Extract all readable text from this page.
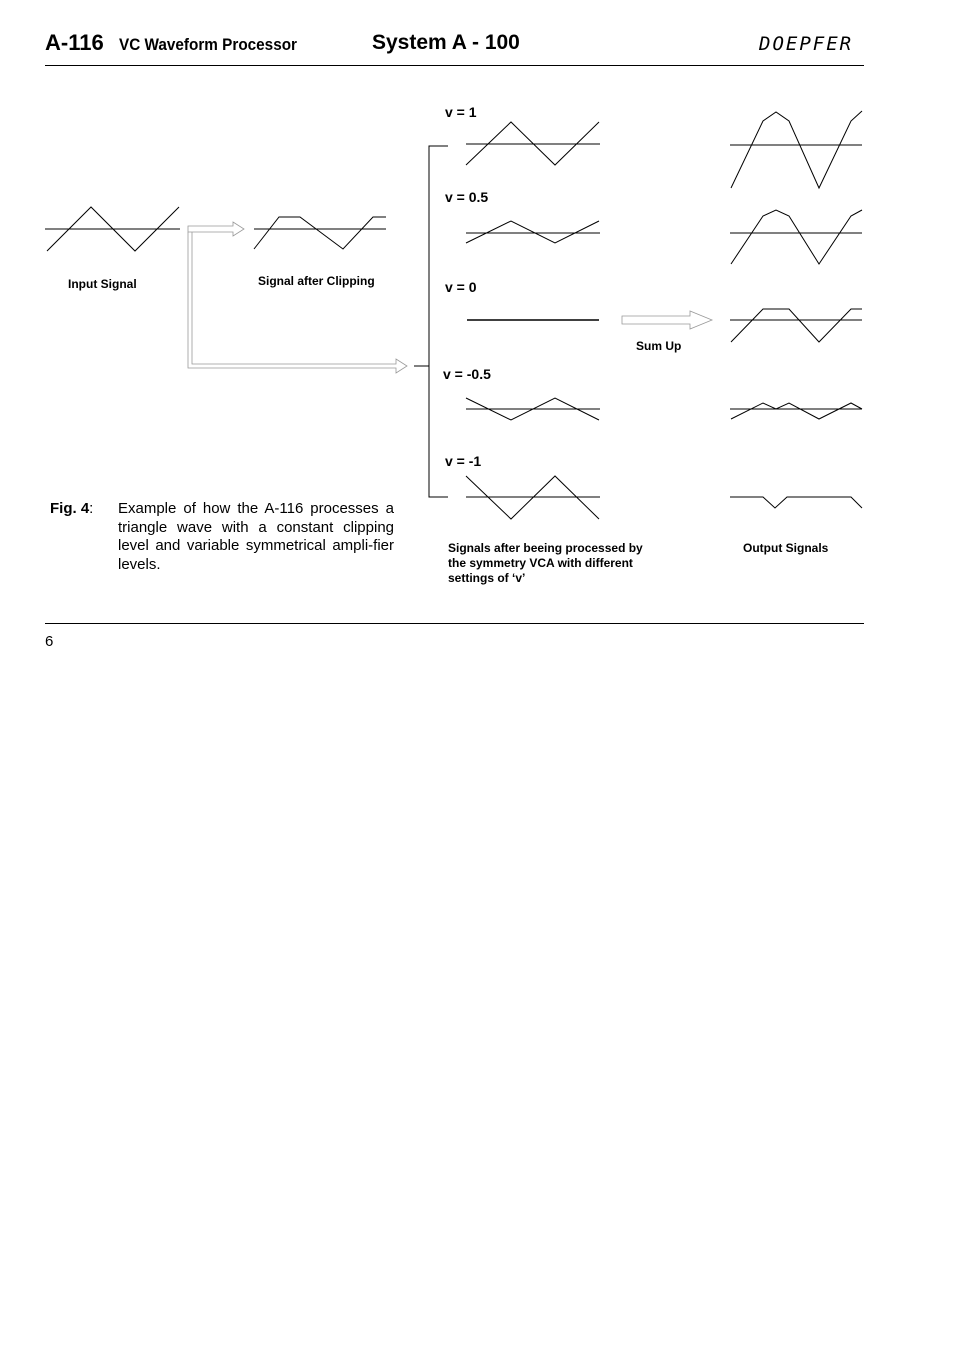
A-116 VC Waveform Processor	System A - 100	DOEPFER
Input Signal	Signal after Clipping
Sum Up
Output Signals
v = 1
v = 0.5
v = 0
v = -0.5
v = -1
Signals after beeing processed by the symmetry VCA with different settings of ‘v’
Fig. 4: Example of how the A-116 processes a triangle wave with a constant clipping level and variable symmetrical ampli-fier levels.
6
